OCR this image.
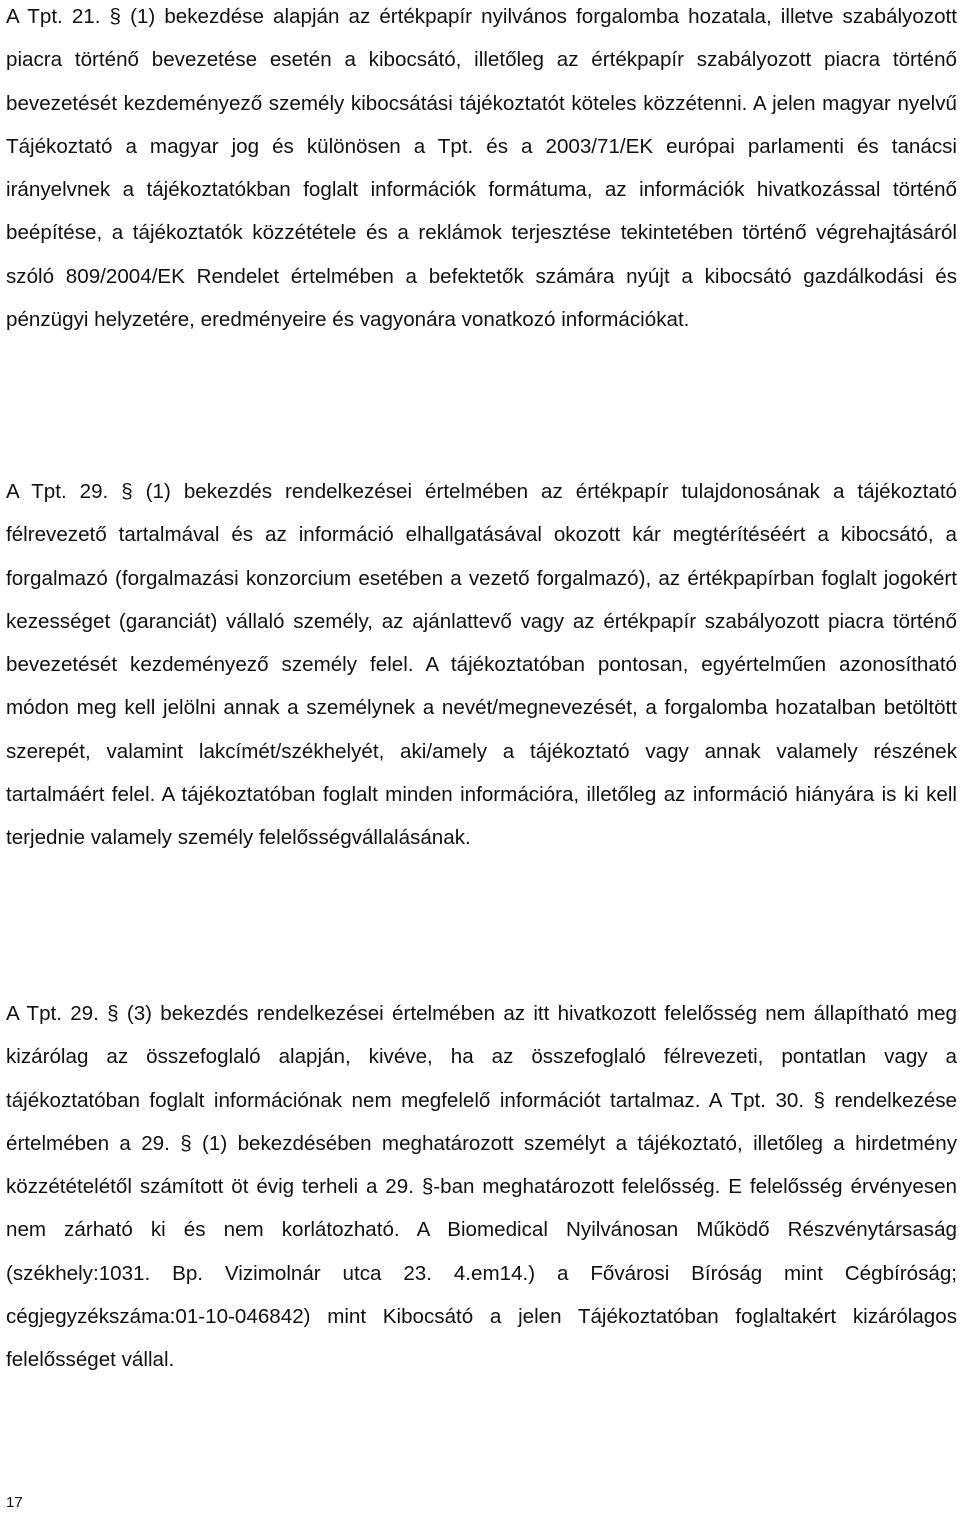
A Tpt. 21. § (1) bekezdése alapján az értékpapír nyilvános forgalomba hozatala, illetve szabályozott piacra történő bevezetése esetén a kibocsátó, illetőleg az értékpapír szabályozott piacra történő bevezetését kezdeményező személy kibocsátási tájékoztatót köteles közzétenni. A jelen magyar nyelvű Tájékoztató a magyar jog és különösen a Tpt. és a 2003/71/EK európai parlamenti és tanácsi irányelvnek a tájékoztatókban foglalt információk formátuma, az információk hivatkozással történő beépítése, a tájékoztatók közzététele és a reklámok terjesztése tekintetében történő végrehajtásáról szóló 809/2004/EK Rendelet értelmében a befektetők számára nyújt a kibocsátó gazdálkodási és pénzügyi helyzetére, eredményeire és vagyonára vonatkozó információkat.

A Tpt. 29. § (1) bekezdés rendelkezései értelmében az értékpapír tulajdonosának a tájékoztató félrevezető tartalmával és az információ elhallgatásával okozott kár megtérítéséért a kibocsátó, a forgalmazó (forgalmazási konzorcium esetében a vezető forgalmazó), az értékpapírban foglalt jogokért kezességet (garanciát) vállaló személy, az ajánlattevő vagy az értékpapír szabályozott piacra történő bevezetését kezdeményező személy felel. A tájékoztatóban pontosan, egyértelműen azonosítható módon meg kell jelölni annak a személynek a nevét/megnevezését, a forgalomba hozatalban betöltött szerepét, valamint lakcímét/székhelyét, aki/amely a tájékoztató vagy annak valamely részének tartalmáért felel. A tájékoztatóban foglalt minden információra, illetőleg az információ hiányára is ki kell terjednie valamely személy felelősségvállalásának.

A Tpt. 29. § (3) bekezdés rendelkezései értelmében az itt hivatkozott felelősség nem állapítható meg kizárólag az összefoglaló alapján, kivéve, ha az összefoglaló félrevezeti, pontatlan vagy a tájékoztatóban foglalt információnak nem megfelelő információt tartalmaz. A Tpt. 30. § rendelkezése értelmében a 29. § (1) bekezdésében meghatározott személyt a tájékoztató, illetőleg a hirdetmény közzétételétől számított öt évig terheli a 29. §-ban meghatározott felelősség. E felelősség érvényesen nem zárható ki és nem korlátozható. A Biomedical Nyilvánosan Működő Részvénytársaság (székhely:1031. Bp. Vizimolnár utca 23. 4.em14.) a Fővárosi Bíróság mint Cégbíróság; cégjegyzékszáma:01-10-046842) mint Kibocsátó a jelen Tájékoztatóban foglaltakért kizárólagos felelősséget vállal.

17
